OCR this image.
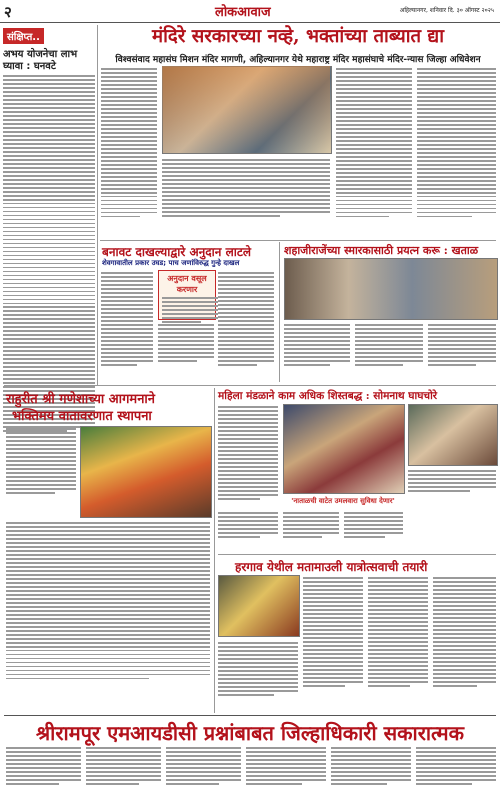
२	लोकआवाज	अहिल्यानगर, शनिवार दि. ३० ऑगस्ट २०२५
संक्षिप्त..
अभय योजनेचा लाभ घ्यावा : घनवटे
मंदिरे सरकारच्या नव्हे, भक्तांच्या ताब्यात द्या
विश्वसंवाद महासंघ मिशन मंदिर मागणी, अहिल्यानगर येथे महाराष्ट्र मंदिर महासंघाचे मंदिर-न्यास जिल्हा अधिवेशन
बनावट दाखल्याद्वारे अनुदान लाटले
शेवगावातील प्रकार उघड; पाच जणांविरुद्ध गुन्हे दाखल
अनुदान वसूल करणार
शहाजीराजेंच्या स्मारकासाठी प्रयत्न करू : खताळ
राहुरीत श्री गणेशाच्या आगमनाने
भक्तिमय वातावरणात स्थापना
महिला मंडळाने काम अधिक शिस्तबद्ध : सोमनाथ घाघचोरे
'नाताळची वाटेत उमलवारा सुविधा देणार'
हरगाव येथील मतामाउली यात्रोत्सवाची तयारी
श्रीरामपूर एमआयडीसी प्रश्नांबाबत जिल्हाधिकारी सकारात्मक
